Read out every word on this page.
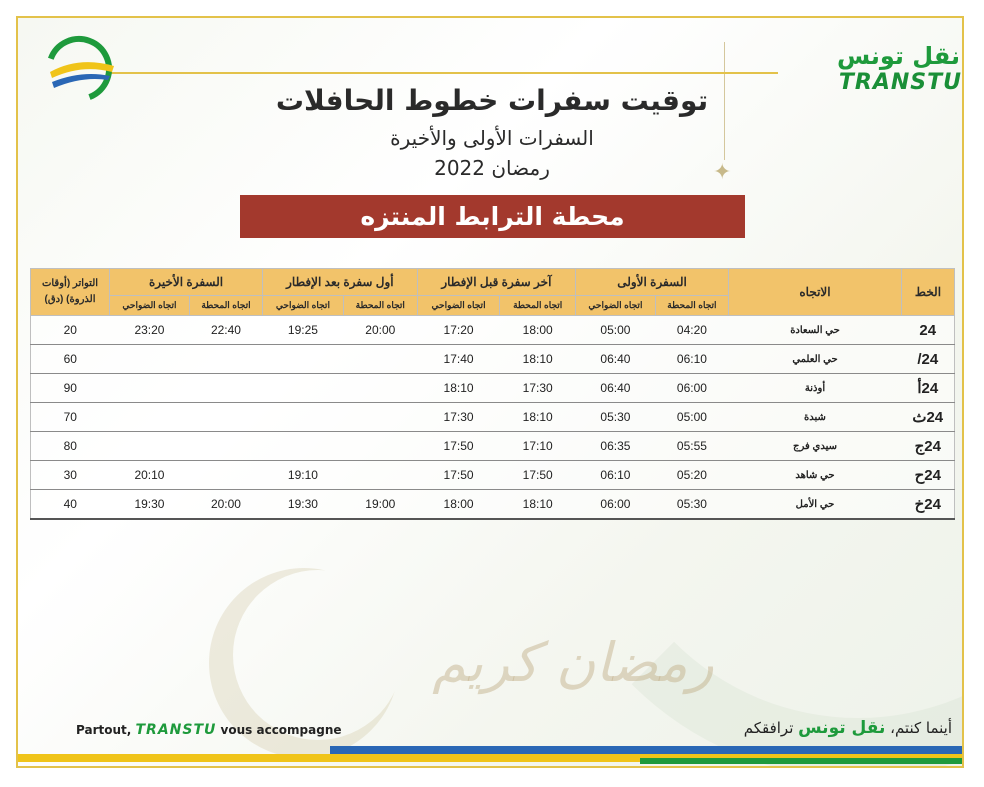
✦
رمضان كريم
نقل تونس
TRANSTU
توقيت سفرات خطوط الحافلات
السفرات الأولى والأخيرة
رمضان 2022
محطة الترابط المنتزه
الخط	الاتجاه	السفرة الأولى		آخر سفرة قبل الإفطار		أول سفرة بعد الإفطار		السفرة الأخيرة		التواتر (أوقات الذروة) (دق)
		اتجاه المحطة	اتجاه الضواحي	اتجاه المحطة	اتجاه الضواحي	اتجاه المحطة	اتجاه الضواحي	اتجاه المحطة	اتجاه الضواحي	
24	حي السعادة	04:20	05:00	18:00	17:20	20:00	19:25	22:40	23:20	20
24/	حي العلمي	06:10	06:40	18:10	17:40					60
24أ	أوذنة	06:00	06:40	17:30	18:10					90
24ث	شبدة	05:00	05:30	18:10	17:30					70
24ج	سيدي فرج	05:55	06:35	17:10	17:50					80
24ح	حي شاهد	05:20	06:10	17:50	17:50		19:10		20:10	30
24خ	حي الأمل	05:30	06:00	18:10	18:00	19:00	19:30	20:00	19:30	40
Partout, TRANSTU vous accompagne	أينما كنتم، نقل تونس ترافقكم
